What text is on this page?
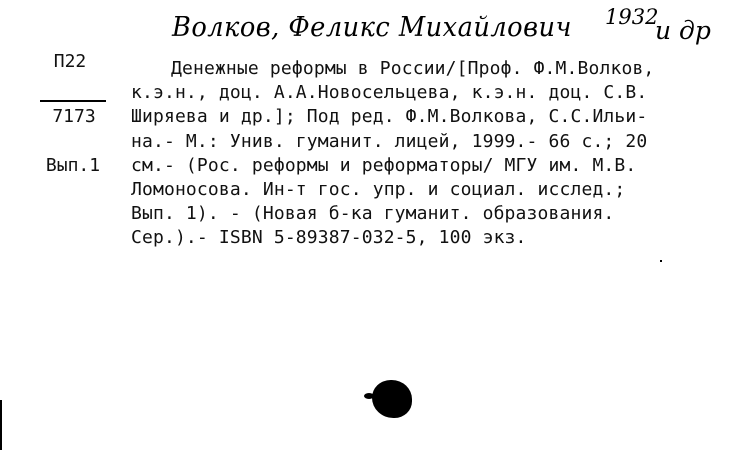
Волков, Феликс Михайлович 1932
и др
П22
7173
Вып.1
Денежные реформы в России/[Проф. Ф.М.Волков,
к.э.н., доц. А.А.Новосельцева, к.э.н. доц. С.В.
Ширяева и др.]; Под ред. Ф.М.Волкова, С.С.Ильи-
на.- М.: Унив. гуманит. лицей, 1999.- 66 с.; 20
см.- (Рос. реформы и реформаторы/ МГУ им. М.В.
Ломоносова. Ин-т гос. упр. и социал. исслед.;
Вып. 1). - (Новая б-ка гуманит. образования.
Сер.).- ISBN 5-89387-032-5, 100 экз.
